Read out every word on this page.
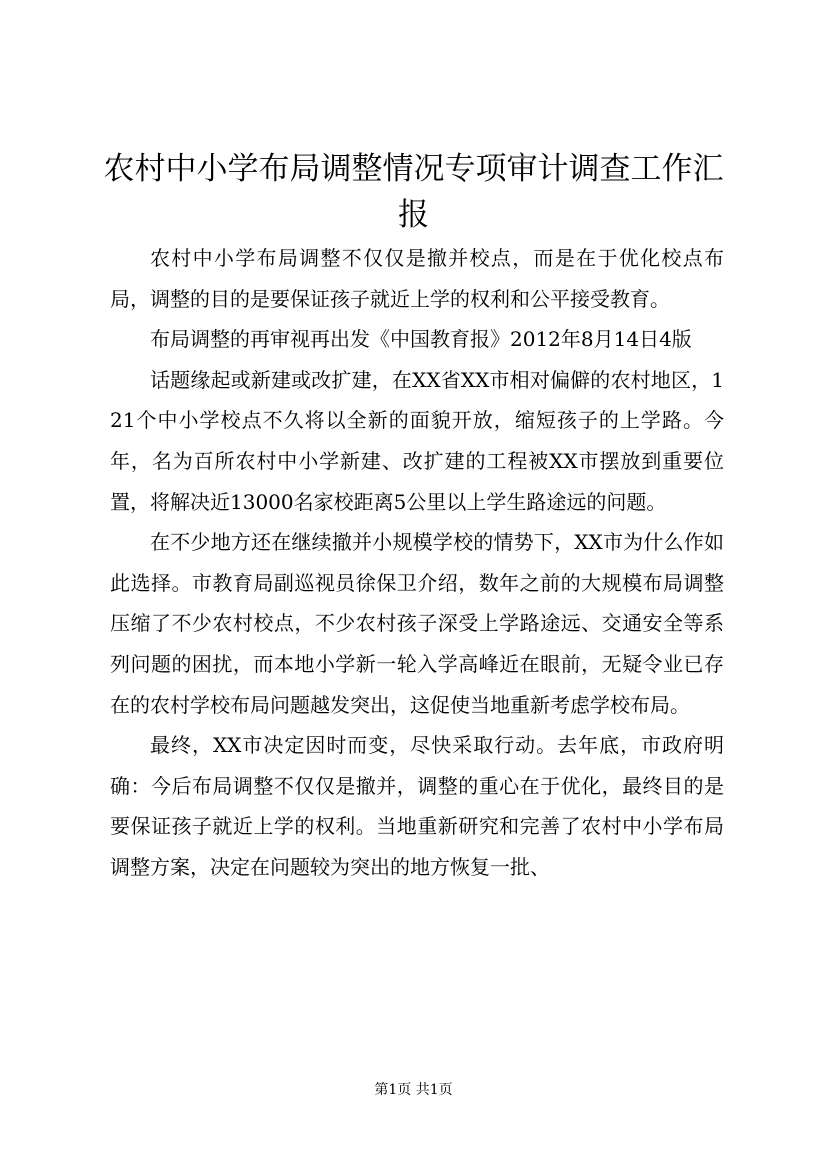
农村中小学布局调整情况专项审计调查工作汇报

农村中小学布局调整不仅仅是撤并校点，而是在于优化校点布局，调整的目的是要保证孩子就近上学的权利和公平接受教育。

布局调整的再审视再出发《中国教育报》2012年8月14日4版

话题缘起或新建或改扩建，在XX省XX市相对偏僻的农村地区，121个中小学校点不久将以全新的面貌开放，缩短孩子的上学路。今年，名为百所农村中小学新建、改扩建的工程被XX市摆放到重要位置，将解决近13000名家校距离5公里以上学生路途远的问题。

在不少地方还在继续撤并小规模学校的情势下，XX市为什么作如此选择。市教育局副巡视员徐保卫介绍，数年之前的大规模布局调整压缩了不少农村校点，不少农村孩子深受上学路途远、交通安全等系列问题的困扰，而本地小学新一轮入学高峰近在眼前，无疑令业已存在的农村学校布局问题越发突出，这促使当地重新考虑学校布局。

最终，XX市决定因时而变，尽快采取行动。去年底，市政府明确：今后布局调整不仅仅是撤并，调整的重心在于优化，最终目的是要保证孩子就近上学的权利。当地重新研究和完善了农村中小学布局调整方案，决定在问题较为突出的地方恢复一批、

第1页 共1页
